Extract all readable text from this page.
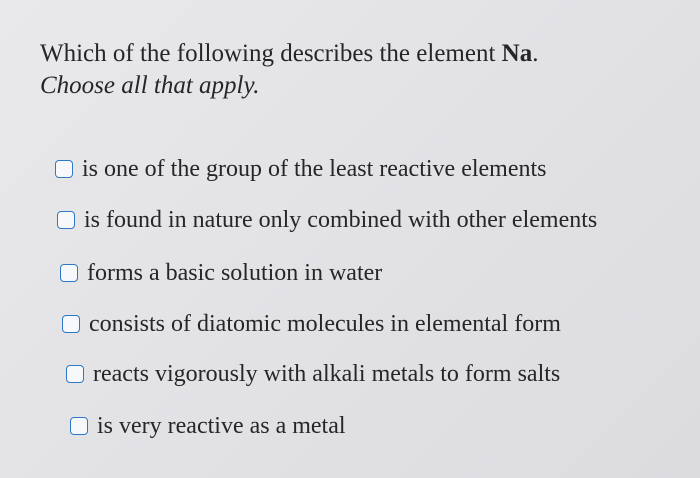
Which of the following describes the element Na.
Choose all that apply.
is one of the group of the least reactive elements
is found in nature only combined with other elements
forms a basic solution in water
consists of diatomic molecules in elemental form
reacts vigorously with alkali metals to form salts
is very reactive as a metal
